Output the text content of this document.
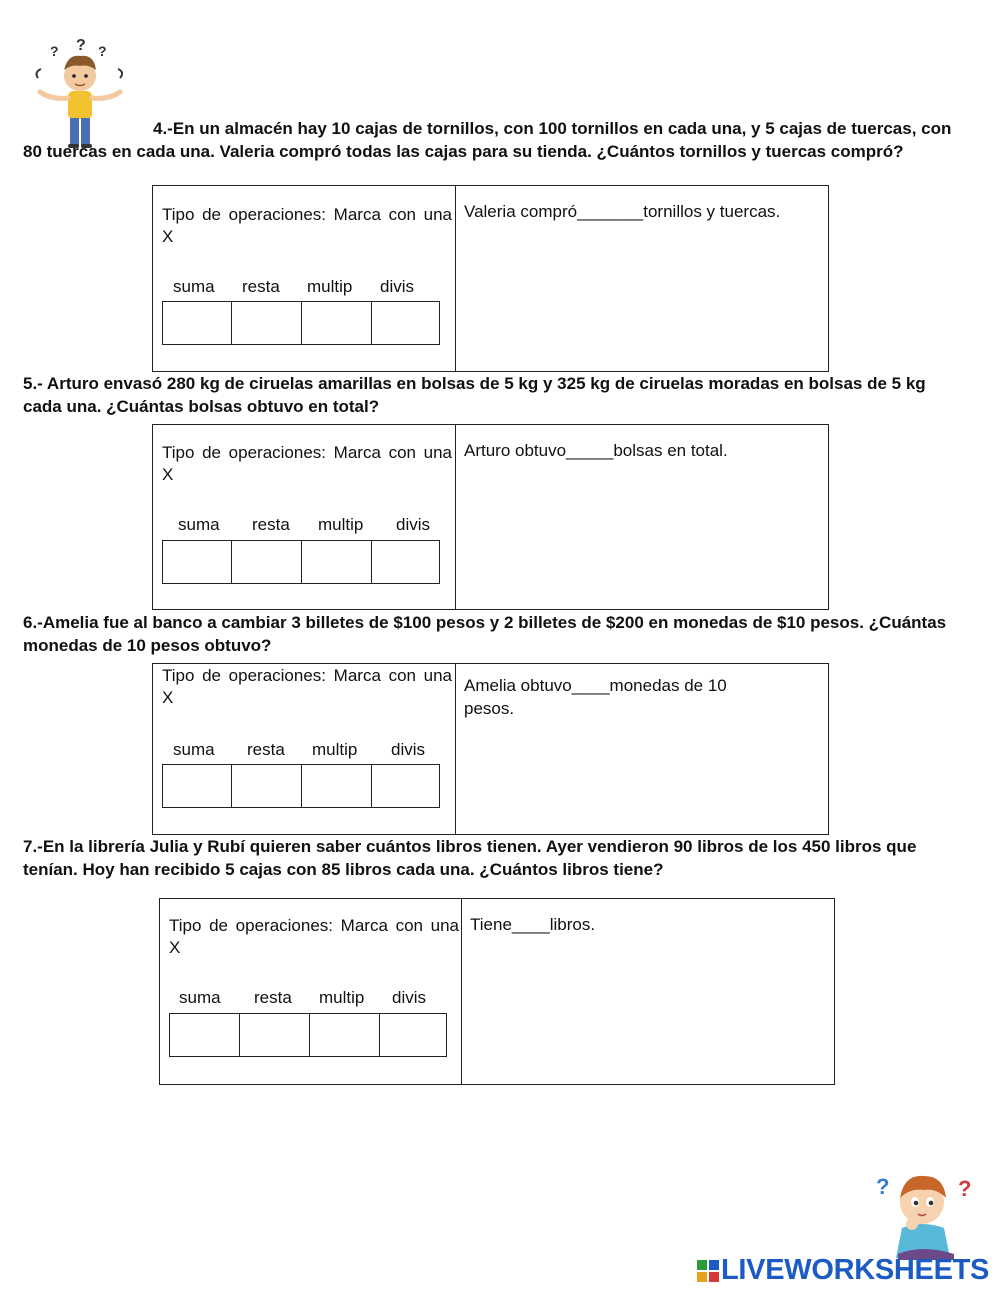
? ? ?
4.-En un almacén hay 10 cajas de tornillos, con 100 tornillos en cada una, y 5 cajas de tuercas, con 80 tuercas en cada una. Valeria compró todas las cajas para su tienda. ¿Cuántos tornillos y tuercas compró?
Tipo de operaciones: Marca con una X
suma resta multip divis
Valeria compró_______tornillos y tuercas.
5.- Arturo envasó 280 kg de ciruelas amarillas en bolsas de 5 kg y 325 kg de ciruelas moradas en bolsas de 5 kg cada una. ¿Cuántas bolsas obtuvo en total?
Tipo de operaciones: Marca con una X
suma resta multip divis
Arturo obtuvo_____bolsas en total.
6.-Amelia fue al banco a cambiar 3 billetes de $100 pesos y 2 billetes de $200 en monedas de $10 pesos. ¿Cuántas monedas de 10 pesos obtuvo?
Tipo de operaciones: Marca con una X
suma resta multip divis
Amelia obtuvo____monedas de 10 pesos.
7.-En la librería Julia y Rubí quieren saber cuántos libros tienen. Ayer vendieron 90 libros de los 450 libros que tenían. Hoy han recibido 5 cajas con 85 libros cada una. ¿Cuántos libros tiene?
Tipo de operaciones: Marca con una X
suma resta multip divis
Tiene____libros.
?	?
LIVEWORKSHEETS
